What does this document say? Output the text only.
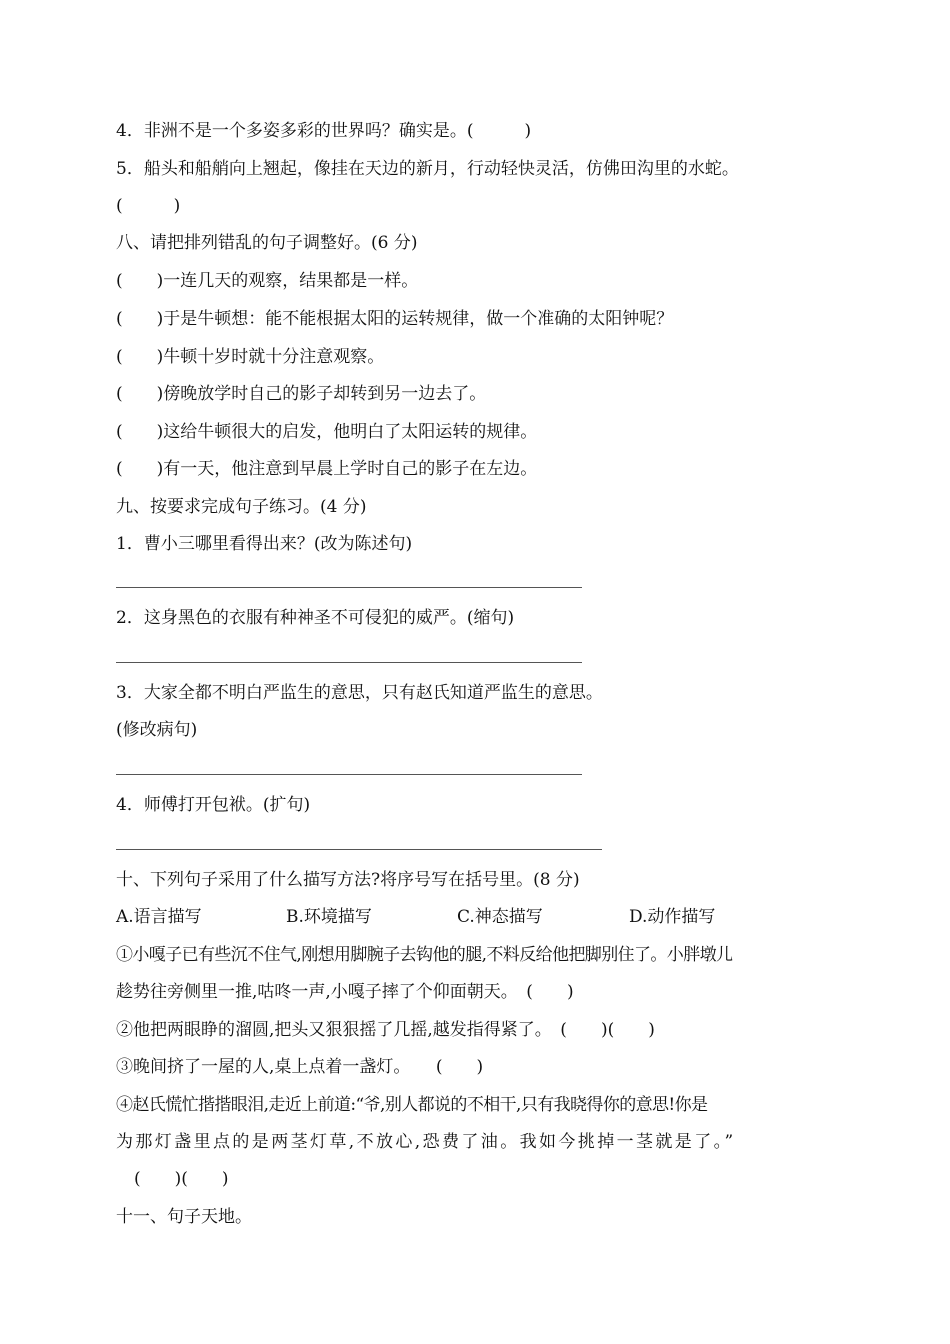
4．非洲不是一个多姿多彩的世界吗？确实是。(　　　)
5．船头和船艄向上翘起，像挂在天边的新月，行动轻快灵活，仿佛田沟里的水蛇。
(　　　)
八、请把排列错乱的句子调整好。(6 分)
(　　)一连几天的观察，结果都是一样。
(　　)于是牛顿想：能不能根据太阳的运转规律，做一个准确的太阳钟呢？
(　　)牛顿十岁时就十分注意观察。
(　　)傍晚放学时自己的影子却转到另一边去了。
(　　)这给牛顿很大的启发，他明白了太阳运转的规律。
(　　)有一天，他注意到早晨上学时自己的影子在左边。
九、按要求完成句子练习。(4 分)
1．曹小三哪里看得出来？(改为陈述句)
2．这身黑色的衣服有种神圣不可侵犯的威严。(缩句)
3．大家全都不明白严监生的意思，只有赵氏知道严监生的意思。
(修改病句)
4．师傅打开包袱。(扩句)
十、下列句子采用了什么描写方法?将序号写在括号里。(8 分)
A.语言描写	B.环境描写	C.神态描写	D.动作描写
①小嘎子已有些沉不住气,刚想用脚腕子去钩他的腿,不料反给他把脚别住了。小胖墩儿
趁势往旁侧里一推,咕咚一声,小嘎子摔了个仰面朝天。　(　　)
②他把两眼睁的溜圆,把头又狠狠摇了几摇,越发指得紧了。　(　　)(　　)
③晚间挤了一屋的人,桌上点着一盏灯。　　(　　)
④赵氏慌忙揩揩眼泪,走近上前道:“爷,别人都说的不相干,只有我晓得你的意思!你是
为那灯盏里点的是两茎灯草,不放心,恐费了油。我如今挑掉一茎就是了。”
(　　)(　　)
十一、句子天地。
